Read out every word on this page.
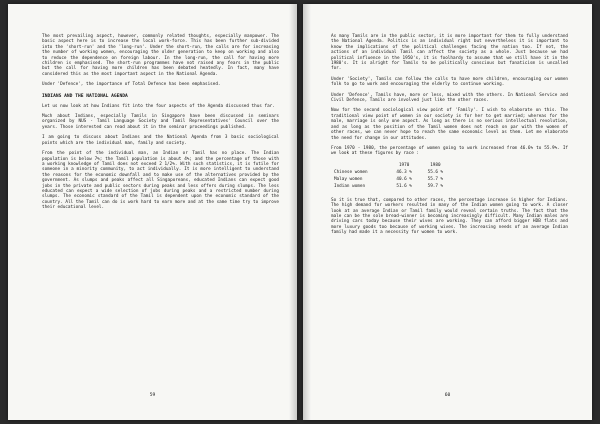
The most prevailing aspect, however, commonly related thoughts, especially manpower. The basic aspect here is to increase the local work-force. This has been further sub-divided into the 'short-run' and the 'long-run'. Under the short-run, the calls are for increasing the number of working women, encouraging the older generation to keep on working and also to reduce the dependence on foreign labour. In the long-run, the call for having more children is emphasised. The short-run programmes have not raised any fears in the public but the call for having more children has been debated heatedly. In fact, many have considered this as the most important aspect in the National Agenda.

Under 'Defence', the importance of Total Defence has been emphasised.

INDIANS AND THE NATIONAL AGENDA

Let us now look at how Indians fit into the four aspects of the Agenda discussed thus far.

Much about Indians, especially Tamils in Singapore have been discussed in seminars organized by NUS - Tamil Language Society and Tamil Representatives' Council over the years. Those interested can read about it in the seminar proceedings published.

I am going to discuss about Indians and the National Agenda from 3 basic sociological points which are the individual man, family and society.

From the point of the individual man, an Indian or Tamil has no place. The Indian population is below 7%; the Tamil population is about 4%; and the percentage of those with a working knowledge of Tamil does not exceed 2 1/2%. With such statistics, it is futile for someone in a minority community, to act individually. It is more intelligent to understand the reasons for the economic downfall and to make use of the alternatives provided by the government. As slumps and peaks affect all Singaporeans, educated Indians can expect good jobs in the private and public sectors during peaks and less offers during slumps. The less educated can expect a wide selection of jobs during peaks and a restricted number during slumps. The economic standard of the Tamil is dependent upon the economic standard of the country. All the Tamil can do is work hard to earn more and at the same time try to improve their educational level.

59

As many Tamils are in the public sector, it is more important for them to fully understand the National Agenda. Politics is an individual right but nevertheless it is important to know the implications of the political challenges facing the nation too. If not, the actions of an individual Tamil can affect the society as a whole. Just because we had political influence in the 1950's, it is foolhardy to assume that we still have it in the 1980's. It is alright for Tamils to be politically conscious but fanaticism is uncalled for.

Under 'Society', Tamils can follow the calls to have more children, encouraging our women folk to go to work and encouraging the elderly to continue working.

Under 'Defence', Tamils have, more or less, mixed with the others. In National Service and Civil Defence, Tamils are involved just like the other races.

Now for the second sociological view point of 'Family'. I wish to elaborate on this. The traditional view point of women in our society is for her to get married; whereas for the male, marriage is only one aspect. As long as there is no serious intellectual revolution, and as long as the position of the Tamil women does not reach on par with the women of other races, we can never hope to reach the same economic level as them. Let me elaborate the need for change in our attitudes.

From 1970 - 1980, the percentage of women going to work increased from 46.6% to 55.9%. If we look at these figures by race :

	1970	1980
Chinese women	46.3 %	55.6 %
Malay women	40.6 %	55.7 %
Indian women	51.6 %	59.7 %

So it is true that, compared to other races, the percentage increase is higher for Indians. The high demand for workers resulted in many of the Indian women going to work. A closer look at an average Indian or Tamil family would reveal certain truths. The fact that the male can be the sole bread-winner is becoming increasingly difficult. Many Indian males are driving cars today because their wives are working. They can afford bigger HDB flats and more luxury goods too because of working wives. The increasing needs of an average Indian family had made it a necessity for women to work.

60
